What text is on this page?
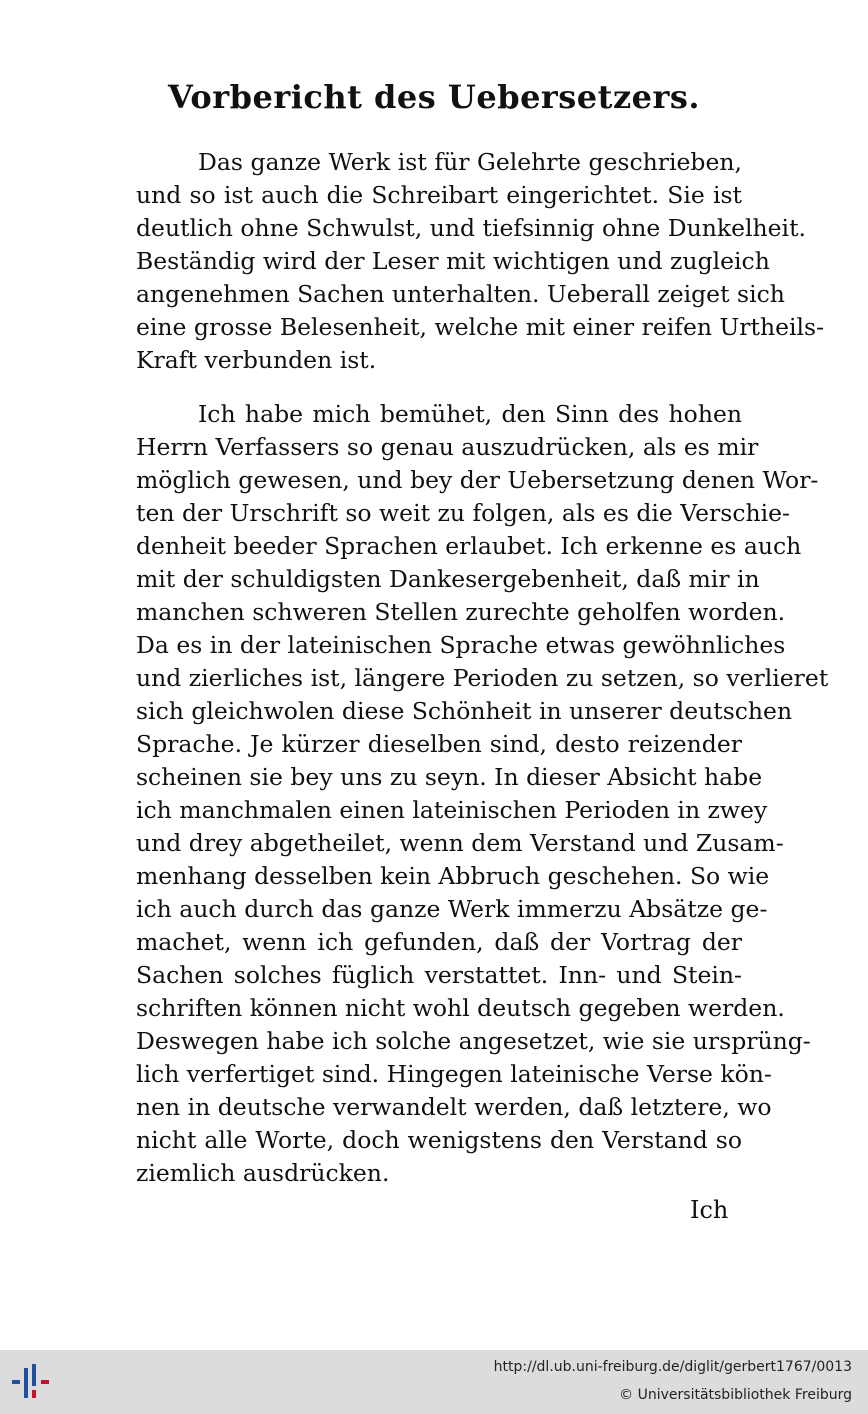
Vorbericht des Uebersetzers.
Das ganze Werk ist für Gelehrte geschrieben,
und so ist auch die Schreibart eingerichtet. Sie ist
deutlich ohne Schwulst, und tiefsinnig ohne Dunkelheit.
Beständig wird der Leser mit wichtigen und zugleich
angenehmen Sachen unterhalten. Ueberall zeiget sich
eine grosse Belesenheit, welche mit einer reifen Urtheils-
Kraft verbunden ist.
Ich habe mich bemühet, den Sinn des hohen
Herrn Verfassers so genau auszudrücken, als es mir
möglich gewesen, und bey der Uebersetzung denen Wor-
ten der Urschrift so weit zu folgen, als es die Verschie-
denheit beeder Sprachen erlaubet. Ich erkenne es auch
mit der schuldigsten Dankesergebenheit, daß mir in
manchen schweren Stellen zurechte geholfen worden.
Da es in der lateinischen Sprache etwas gewöhnliches
und zierliches ist, längere Perioden zu setzen, so verlieret
sich gleichwolen diese Schönheit in unserer deutschen
Sprache. Je kürzer dieselben sind, desto reizender
scheinen sie bey uns zu seyn. In dieser Absicht habe
ich manchmalen einen lateinischen Perioden in zwey
und drey abgetheilet, wenn dem Verstand und Zusam-
menhang desselben kein Abbruch geschehen. So wie
ich auch durch das ganze Werk immerzu Absätze ge-
machet, wenn ich gefunden, daß der Vortrag der
Sachen solches füglich verstattet. Inn- und Stein-
schriften können nicht wohl deutsch gegeben werden.
Deswegen habe ich solche angesetzet, wie sie ursprüng-
lich verfertiget sind. Hingegen lateinische Verse kön-
nen in deutsche verwandelt werden, daß letztere, wo
nicht alle Worte, doch wenigstens den Verstand so
ziemlich ausdrücken.
Ich
http://dl.ub.uni-freiburg.de/diglit/gerbert1767/0013
© Universitätsbibliothek Freiburg
